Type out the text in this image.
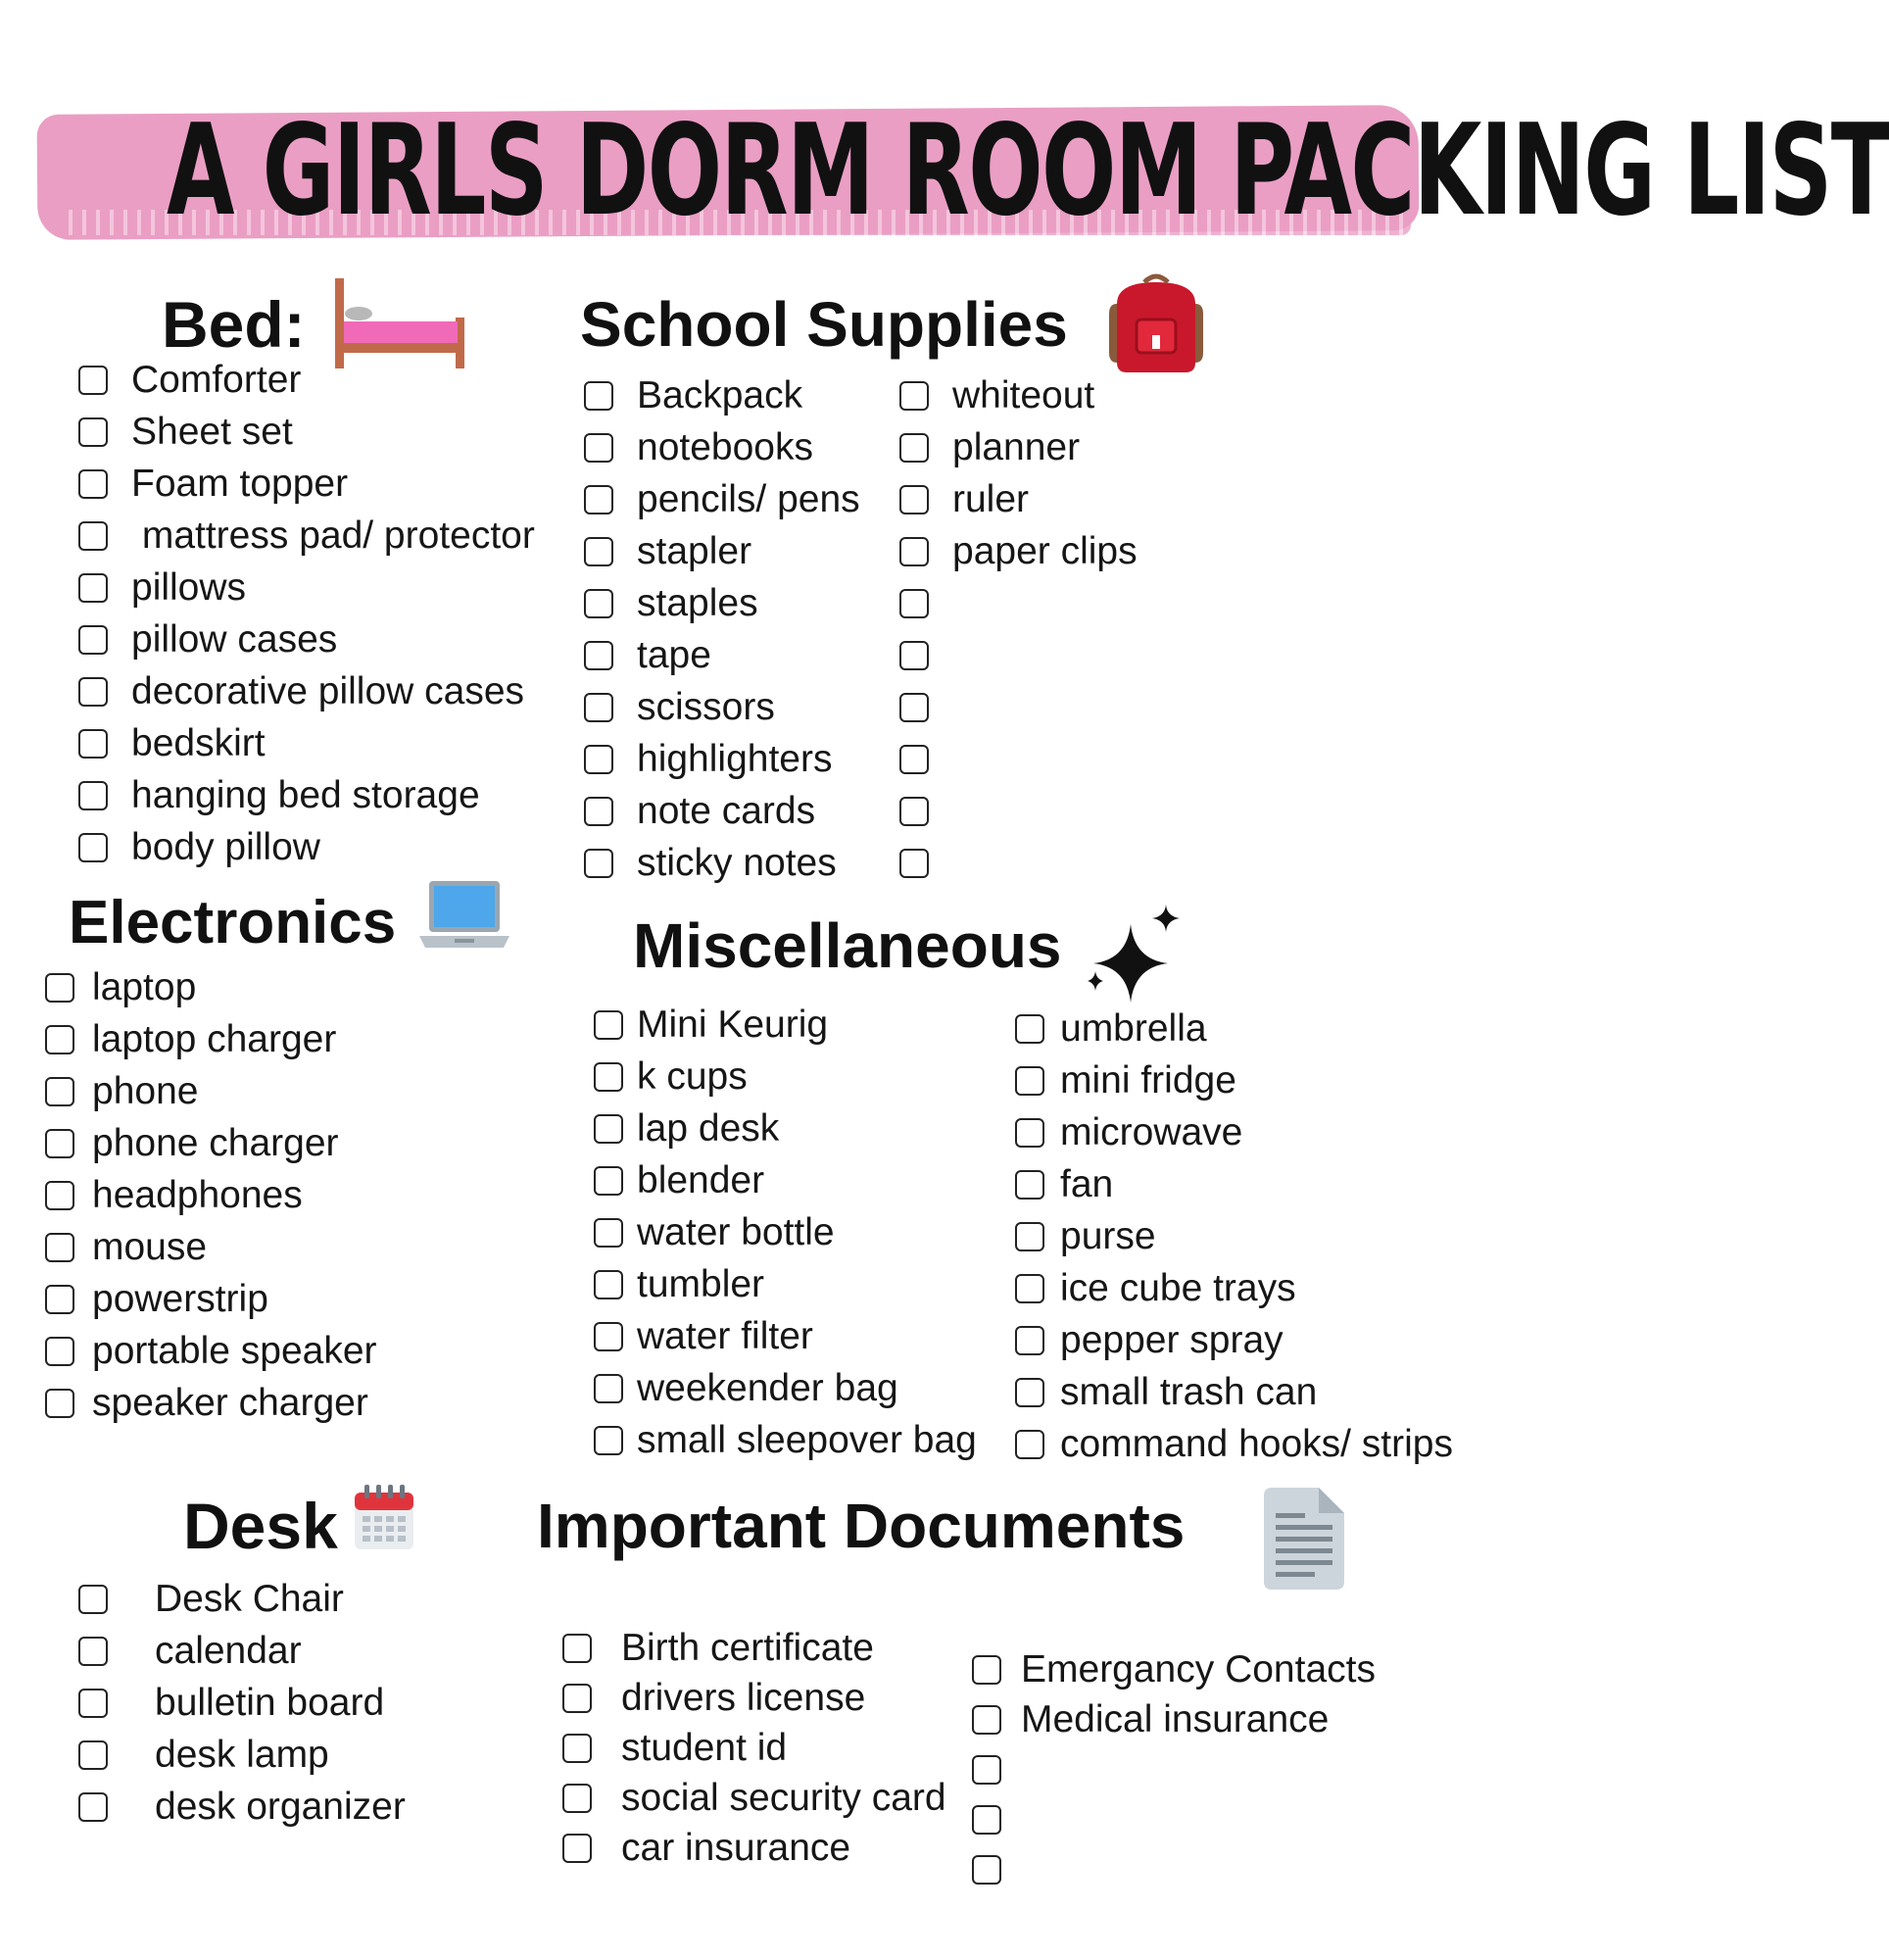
A GIRLS DORM ROOM PACKING LIST
Bed:	School Supplies
Electronics	Miscellaneous
Desk	Important Documents
Comforter
Sheet set
Foam topper
mattress pad/ protector
pillows
pillow cases
decorative pillow cases
bedskirt
hanging bed storage
body pillow
Backpack
notebooks
pencils/ pens
stapler
staples
tape
scissors
highlighters
note cards
sticky notes
whiteout
planner
ruler
paper clips
laptop
laptop charger
phone
phone charger
headphones
mouse
powerstrip
portable speaker
speaker charger
Mini Keurig
k cups
lap desk
blender
water bottle
tumbler
water filter
weekender bag
small sleepover bag
umbrella
mini fridge
microwave
fan
purse
ice cube trays
pepper spray
small trash can
command hooks/ strips
Desk Chair
calendar
bulletin board
desk lamp
desk organizer
Birth certificate
drivers license
student id
social security card
car insurance
Emergancy Contacts
Medical insurance
